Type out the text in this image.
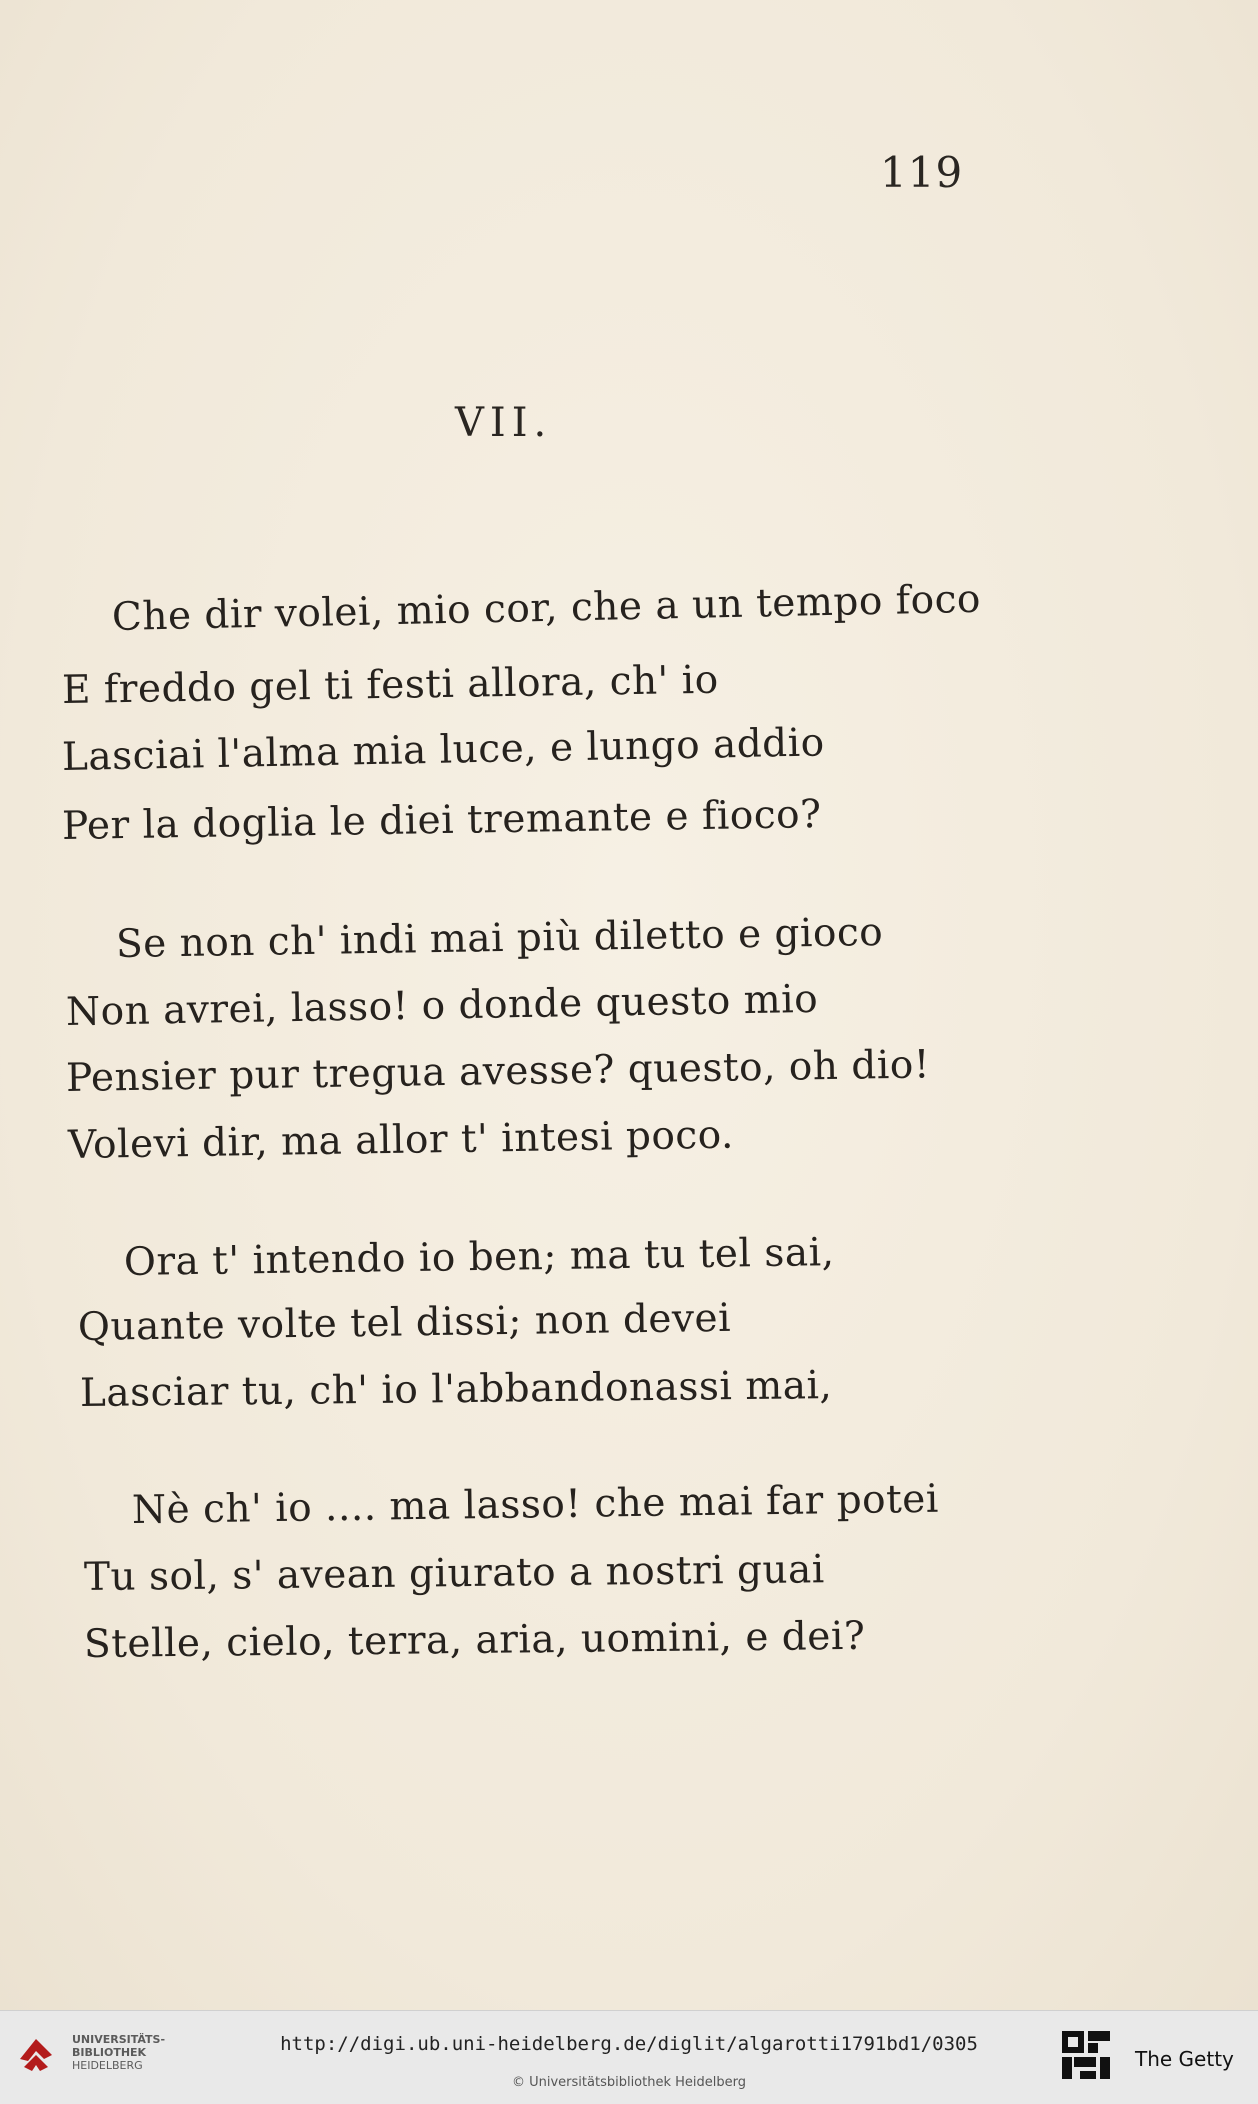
119
VII.
Che dir volei, mio cor, che a un tempo foco
E freddo gel ti festi allora, ch' io
Lasciai l'alma mia luce, e lungo addio
Per la doglia le diei tremante e fioco?
Se non ch' indi mai più diletto e gioco
Non avrei, lasso! o donde questo mio
Pensier pur tregua avesse? questo, oh dio!
Volevi dir, ma allor t' intesi poco.
Ora t' intendo io ben; ma tu tel sai,
Quante volte tel dissi; non devei
Lasciar tu, ch' io l'abbandonassi mai,
Nè ch' io .... ma lasso! che mai far potei
Tu sol, s' avean giurato a nostri guai
Stelle, cielo, terra, aria, uomini, e dei?
UNIVERSITÄTS-
BIBLIOTHEK
HEIDELBERG
http://digi.ub.uni-heidelberg.de/diglit/algarotti1791bd1/0305
© Universitätsbibliothek Heidelberg
The Getty
